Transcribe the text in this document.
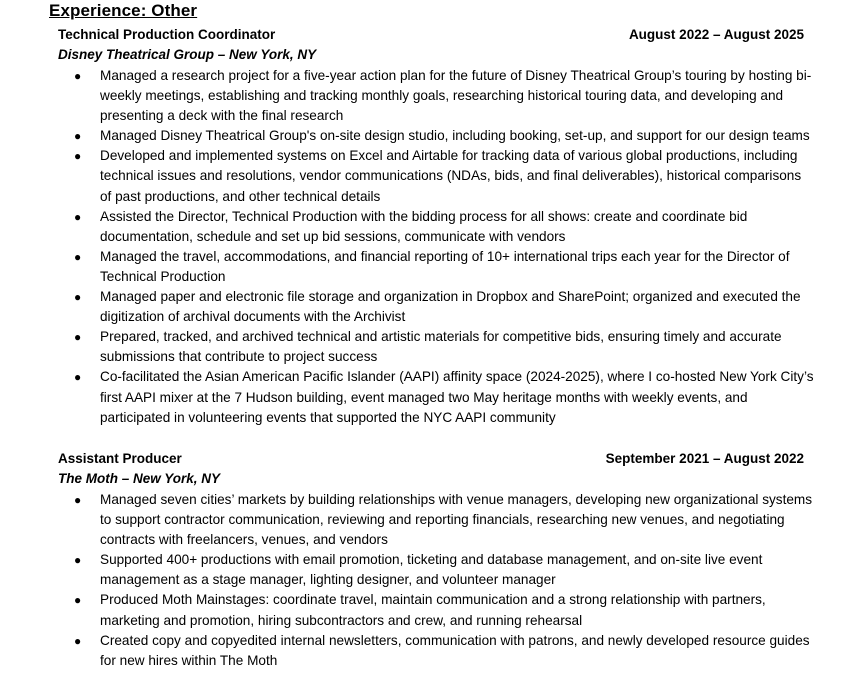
Experience: Other
Technical Production Coordinator	August 2022 – August 2025
Disney Theatrical Group – New York, NY
● Managed a research project for a five-year action plan for the future of Disney Theatrical Group’s touring by hosting bi-weekly meetings, establishing and tracking monthly goals, researching historical touring data, and developing and presenting a deck with the final research
● Managed Disney Theatrical Group's on-site design studio, including booking, set-up, and support for our design teams
● Developed and implemented systems on Excel and Airtable for tracking data of various global productions, including technical issues and resolutions, vendor communications (NDAs, bids, and final deliverables), historical comparisons of past productions, and other technical details
● Assisted the Director, Technical Production with the bidding process for all shows: create and coordinate bid documentation, schedule and set up bid sessions, communicate with vendors
● Managed the travel, accommodations, and financial reporting of 10+ international trips each year for the Director of Technical Production
● Managed paper and electronic file storage and organization in Dropbox and SharePoint; organized and executed the digitization of archival documents with the Archivist
● Prepared, tracked, and archived technical and artistic materials for competitive bids, ensuring timely and accurate submissions that contribute to project success
● Co-facilitated the Asian American Pacific Islander (AAPI) affinity space (2024-2025), where I co-hosted New York City’s first AAPI mixer at the 7 Hudson building, event managed two May heritage months with weekly events, and participated in volunteering events that supported the NYC AAPI community
Assistant Producer	September 2021 – August 2022
The Moth – New York, NY
● Managed seven cities’ markets by building relationships with venue managers, developing new organizational systems to support contractor communication, reviewing and reporting financials, researching new venues, and negotiating contracts with freelancers, venues, and vendors
● Supported 400+ productions with email promotion, ticketing and database management, and on-site live event management as a stage manager, lighting designer, and volunteer manager
● Produced Moth Mainstages: coordinate travel, maintain communication and a strong relationship with partners, marketing and promotion, hiring subcontractors and crew, and running rehearsal
● Created copy and copyedited internal newsletters, communication with patrons, and newly developed resource guides for new hires within The Moth
